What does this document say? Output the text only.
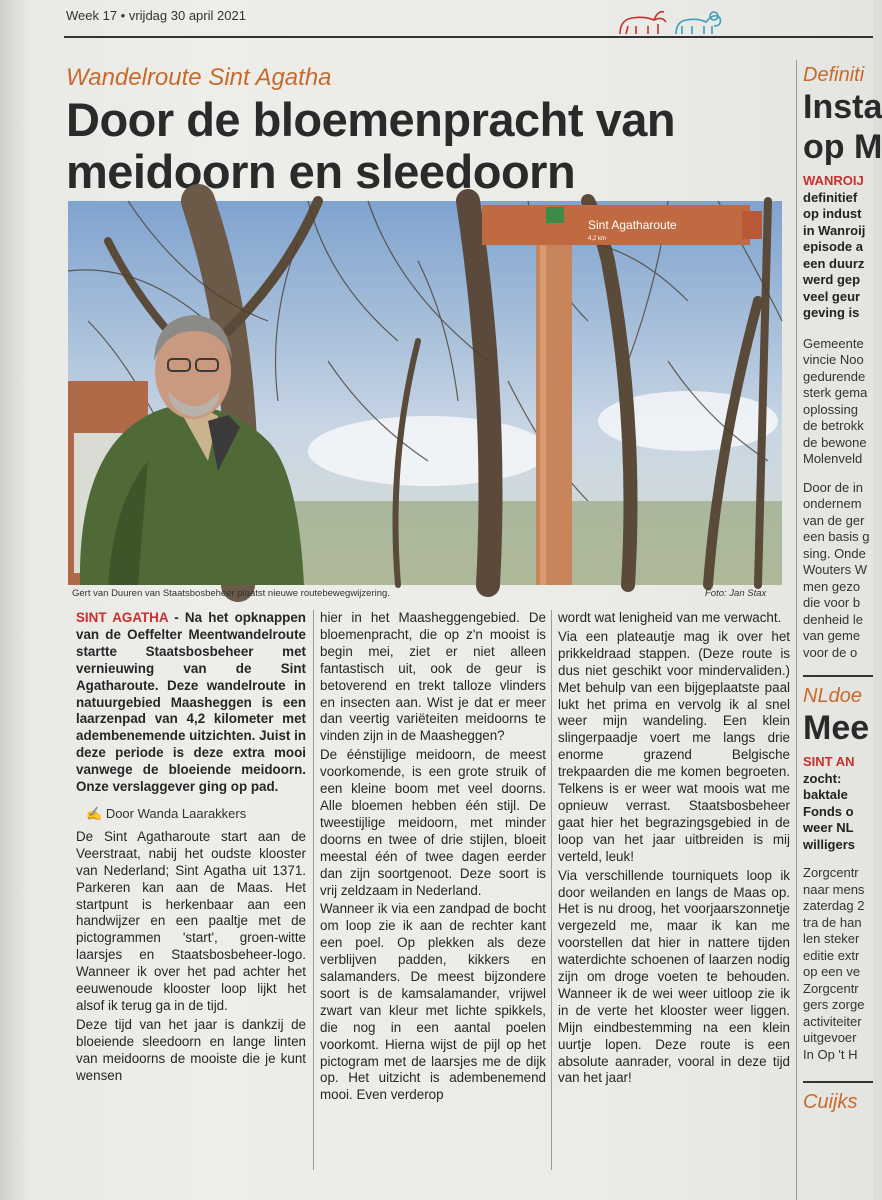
Week 17 • vrijdag 30 april 2021
Wandelroute Sint Agatha
Door de bloemenpracht van meidoorn en sleedoorn
Sint Agatharoute
4,2 km
Gert van Duuren van Staatsbosbeheer plaatst nieuwe routebewegwijzering.	Foto: Jan Stax

SINT AGATHA - Na het opknappen van de Oeffelter Meentwandelroute startte Staatsbosbeheer met vernieuwing van de Sint Agatharoute. Deze wandelroute in natuurgebied Maasheggen is een laarzenpad van 4,2 kilometer met adembenemende uitzichten. Juist in deze periode is deze extra mooi vanwege de bloeiende meidoorn. Onze verslaggever ging op pad.

✍ Door Wanda Laarakkers

De Sint Agatharoute start aan de Veerstraat, nabij het oudste klooster van Nederland; Sint Agatha uit 1371. Parkeren kan aan de Maas. Het startpunt is herkenbaar aan een handwijzer en een paaltje met de pictogrammen 'start', groen-witte laarsjes en Staatsbosbeheer-logo. Wanneer ik over het pad achter het eeuwenoude klooster loop lijkt het alsof ik terug ga in de tijd.

Deze tijd van het jaar is dankzij de bloeiende sleedoorn en lange linten van meidoorns de mooiste die je kunt wensen

hier in het Maasheggengebied. De bloemenpracht, die op z'n mooist is begin mei, ziet er niet alleen fantastisch uit, ook de geur is betoverend en trekt talloze vlinders en insecten aan. Wist je dat er meer dan veertig variëteiten meidoorns te vinden zijn in de Maasheggen?

De éénstijlige meidoorn, de meest voorkomende, is een grote struik of een kleine boom met veel doorns. Alle bloemen hebben één stijl. De tweestijlige meidoorn, met minder doorns en twee of drie stijlen, bloeit meestal één of twee dagen eerder dan zijn soortgenoot. Deze soort is vrij zeldzaam in Nederland.

Wanneer ik via een zandpad de bocht om loop zie ik aan de rechter kant een poel. Op plekken als deze verblijven padden, kikkers en salamanders. De meest bijzondere soort is de kamsalamander, vrijwel zwart van kleur met lichte spikkels, die nog in een aantal poelen voorkomt. Hierna wijst de pijl op het pictogram met de laarsjes me de dijk op. Het uitzicht is adembenemend mooi. Even verderop

wordt wat lenigheid van me verwacht.

Via een plateautje mag ik over het prikkeldraad stappen. (Deze route is dus niet geschikt voor mindervaliden.) Met behulp van een bijgeplaatste paal lukt het prima en vervolg ik al snel weer mijn wandeling. Een klein slingerpaadje voert me langs drie enorme grazend Belgische trekpaarden die me komen begroeten. Telkens is er weer wat moois wat me opnieuw verrast. Staatsbosbeheer gaat hier het begrazingsgebied in de loop van het jaar uitbreiden is mij verteld, leuk!

Via verschillende tourniquets loop ik door weilanden en langs de Maas op. Het is nu droog, het voorjaarszonnetje vergezeld me, maar ik kan me voorstellen dat hier in nattere tijden waterdichte schoenen of laarzen nodig zijn om droge voeten te behouden. Wanneer ik de wei weer uitloop zie ik in de verte het klooster weer liggen. Mijn eindbestemming na een klein uurtje lopen. Deze route is een absolute aanrader, vooral in deze tijd van het jaar!

Definiti
Insta
op M
WANROIJ
definitief
op indust
in Wanroij
episode a
een duurz
werd gep
veel geur
geving is
Gemeente
vincie Noo
gedurende
sterk gema
oplossing
de betrokk
de bewone
Molenveld
Door de in
ondernem
van de ger
een basis g
sing. Onde
Wouters W
men gezo
die voor b
denheid le
van geme
voor de o
NLdoe
Mee
SINT AN
zocht:
baktale
Fonds o
weer NL
willigers
Zorgcentr
naar mens
zaterdag 2
tra de han
len steker
editie extr
op een ve
Zorgcentr
gers zorge
activiteiter
uitgevoer
In Op 't H
Cuijks
